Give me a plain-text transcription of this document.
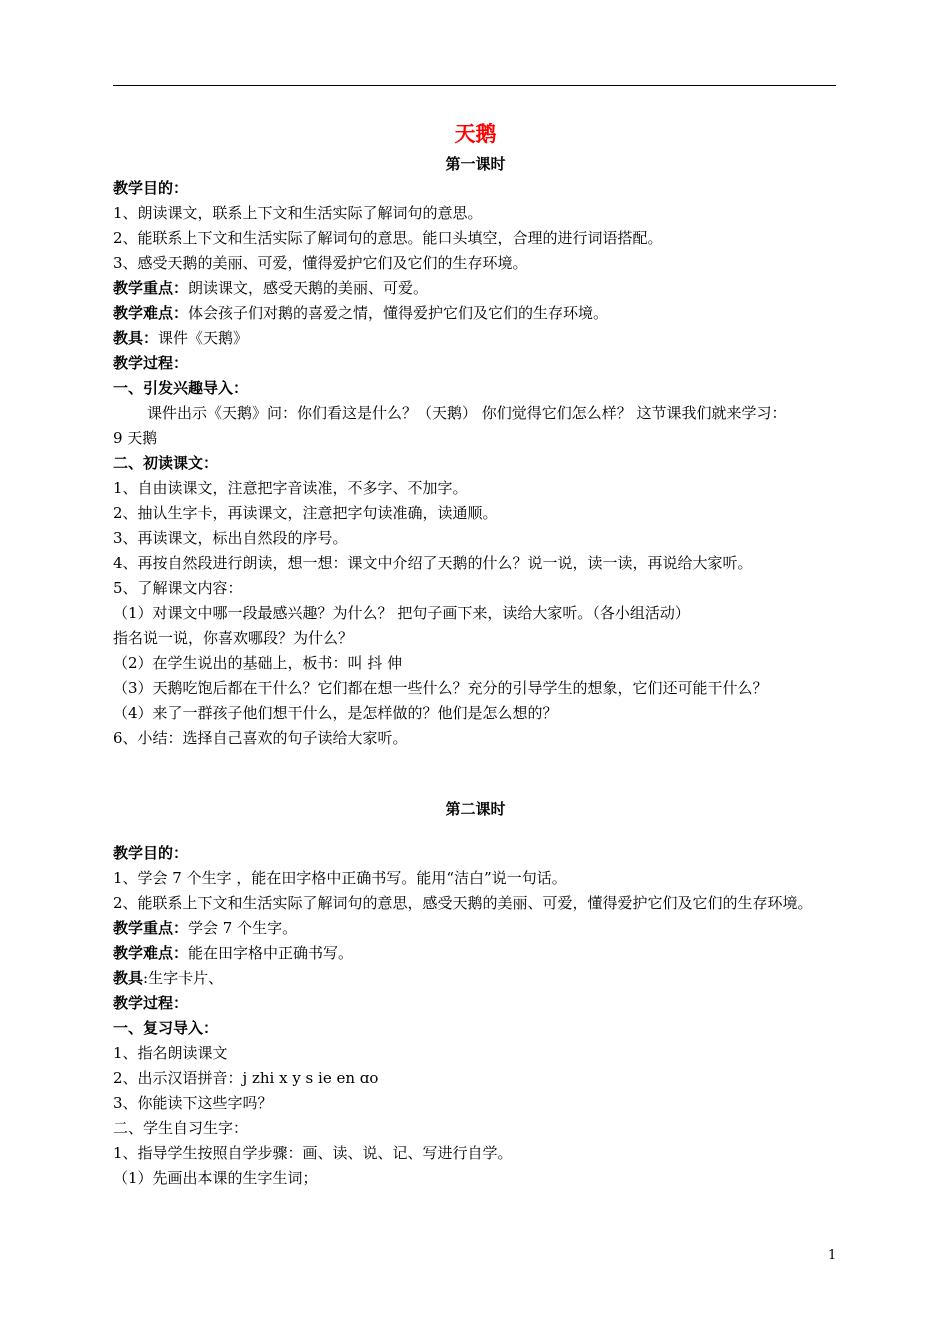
天鹅

第一课时

教学目的：

1、朗读课文，联系上下文和生活实际了解词句的意思。

2、能联系上下文和生活实际了解词句的意思。能口头填空，合理的进行词语搭配。

3、感受天鹅的美丽、可爱，懂得爱护它们及它们的生存环境。

教学重点：朗读课文，感受天鹅的美丽、可爱。

教学难点：体会孩子们对鹅的喜爱之情，懂得爱护它们及它们的生存环境。

教具：课件《天鹅》

教学过程：

一、引发兴趣导入：

课件出示《天鹅》问：你们看这是什么？（天鹅） 你们觉得它们怎么样？ 这节课我们就来学习：

9 天鹅

二、初读课文：

1、自由读课文，注意把字音读准，不多字、不加字。

2、抽认生字卡，再读课文，注意把字句读准确，读通顺。

3、再读课文，标出自然段的序号。

4、再按自然段进行朗读，想一想：课文中介绍了天鹅的什么？说一说，读一读，再说给大家听。

5、了解课文内容：

（1）对课文中哪一段最感兴趣？为什么？ 把句子画下来，读给大家听。（各小组活动）

指名说一说，你喜欢哪段？为什么？

（2）在学生说出的基础上，板书：叫 抖 伸

（3）天鹅吃饱后都在干什么？它们都在想一些什么？充分的引导学生的想象，它们还可能干什么？

（4）来了一群孩子他们想干什么，是怎样做的？他们是怎么想的？

6、小结：选择自己喜欢的句子读给大家听。

第二课时

教学目的：

1、学会 7 个生字 ，能在田字格中正确书写。能用“洁白”说一句话。

2、能联系上下文和生活实际了解词句的意思，感受天鹅的美丽、可爱，懂得爱护它们及它们的生存环境。

教学重点：学会 7 个生字。

教学难点：能在田字格中正确书写。

教具:生字卡片、

教学过程：

一、复习导入：

1、指名朗读课文

2、出示汉语拼音：j zhi x y s ie en ɑo

3、你能读下这些字吗？

二、学生自习生字：

1、指导学生按照自学步骤：画、读、说、记、写进行自学。

（1）先画出本课的生字生词；

1
